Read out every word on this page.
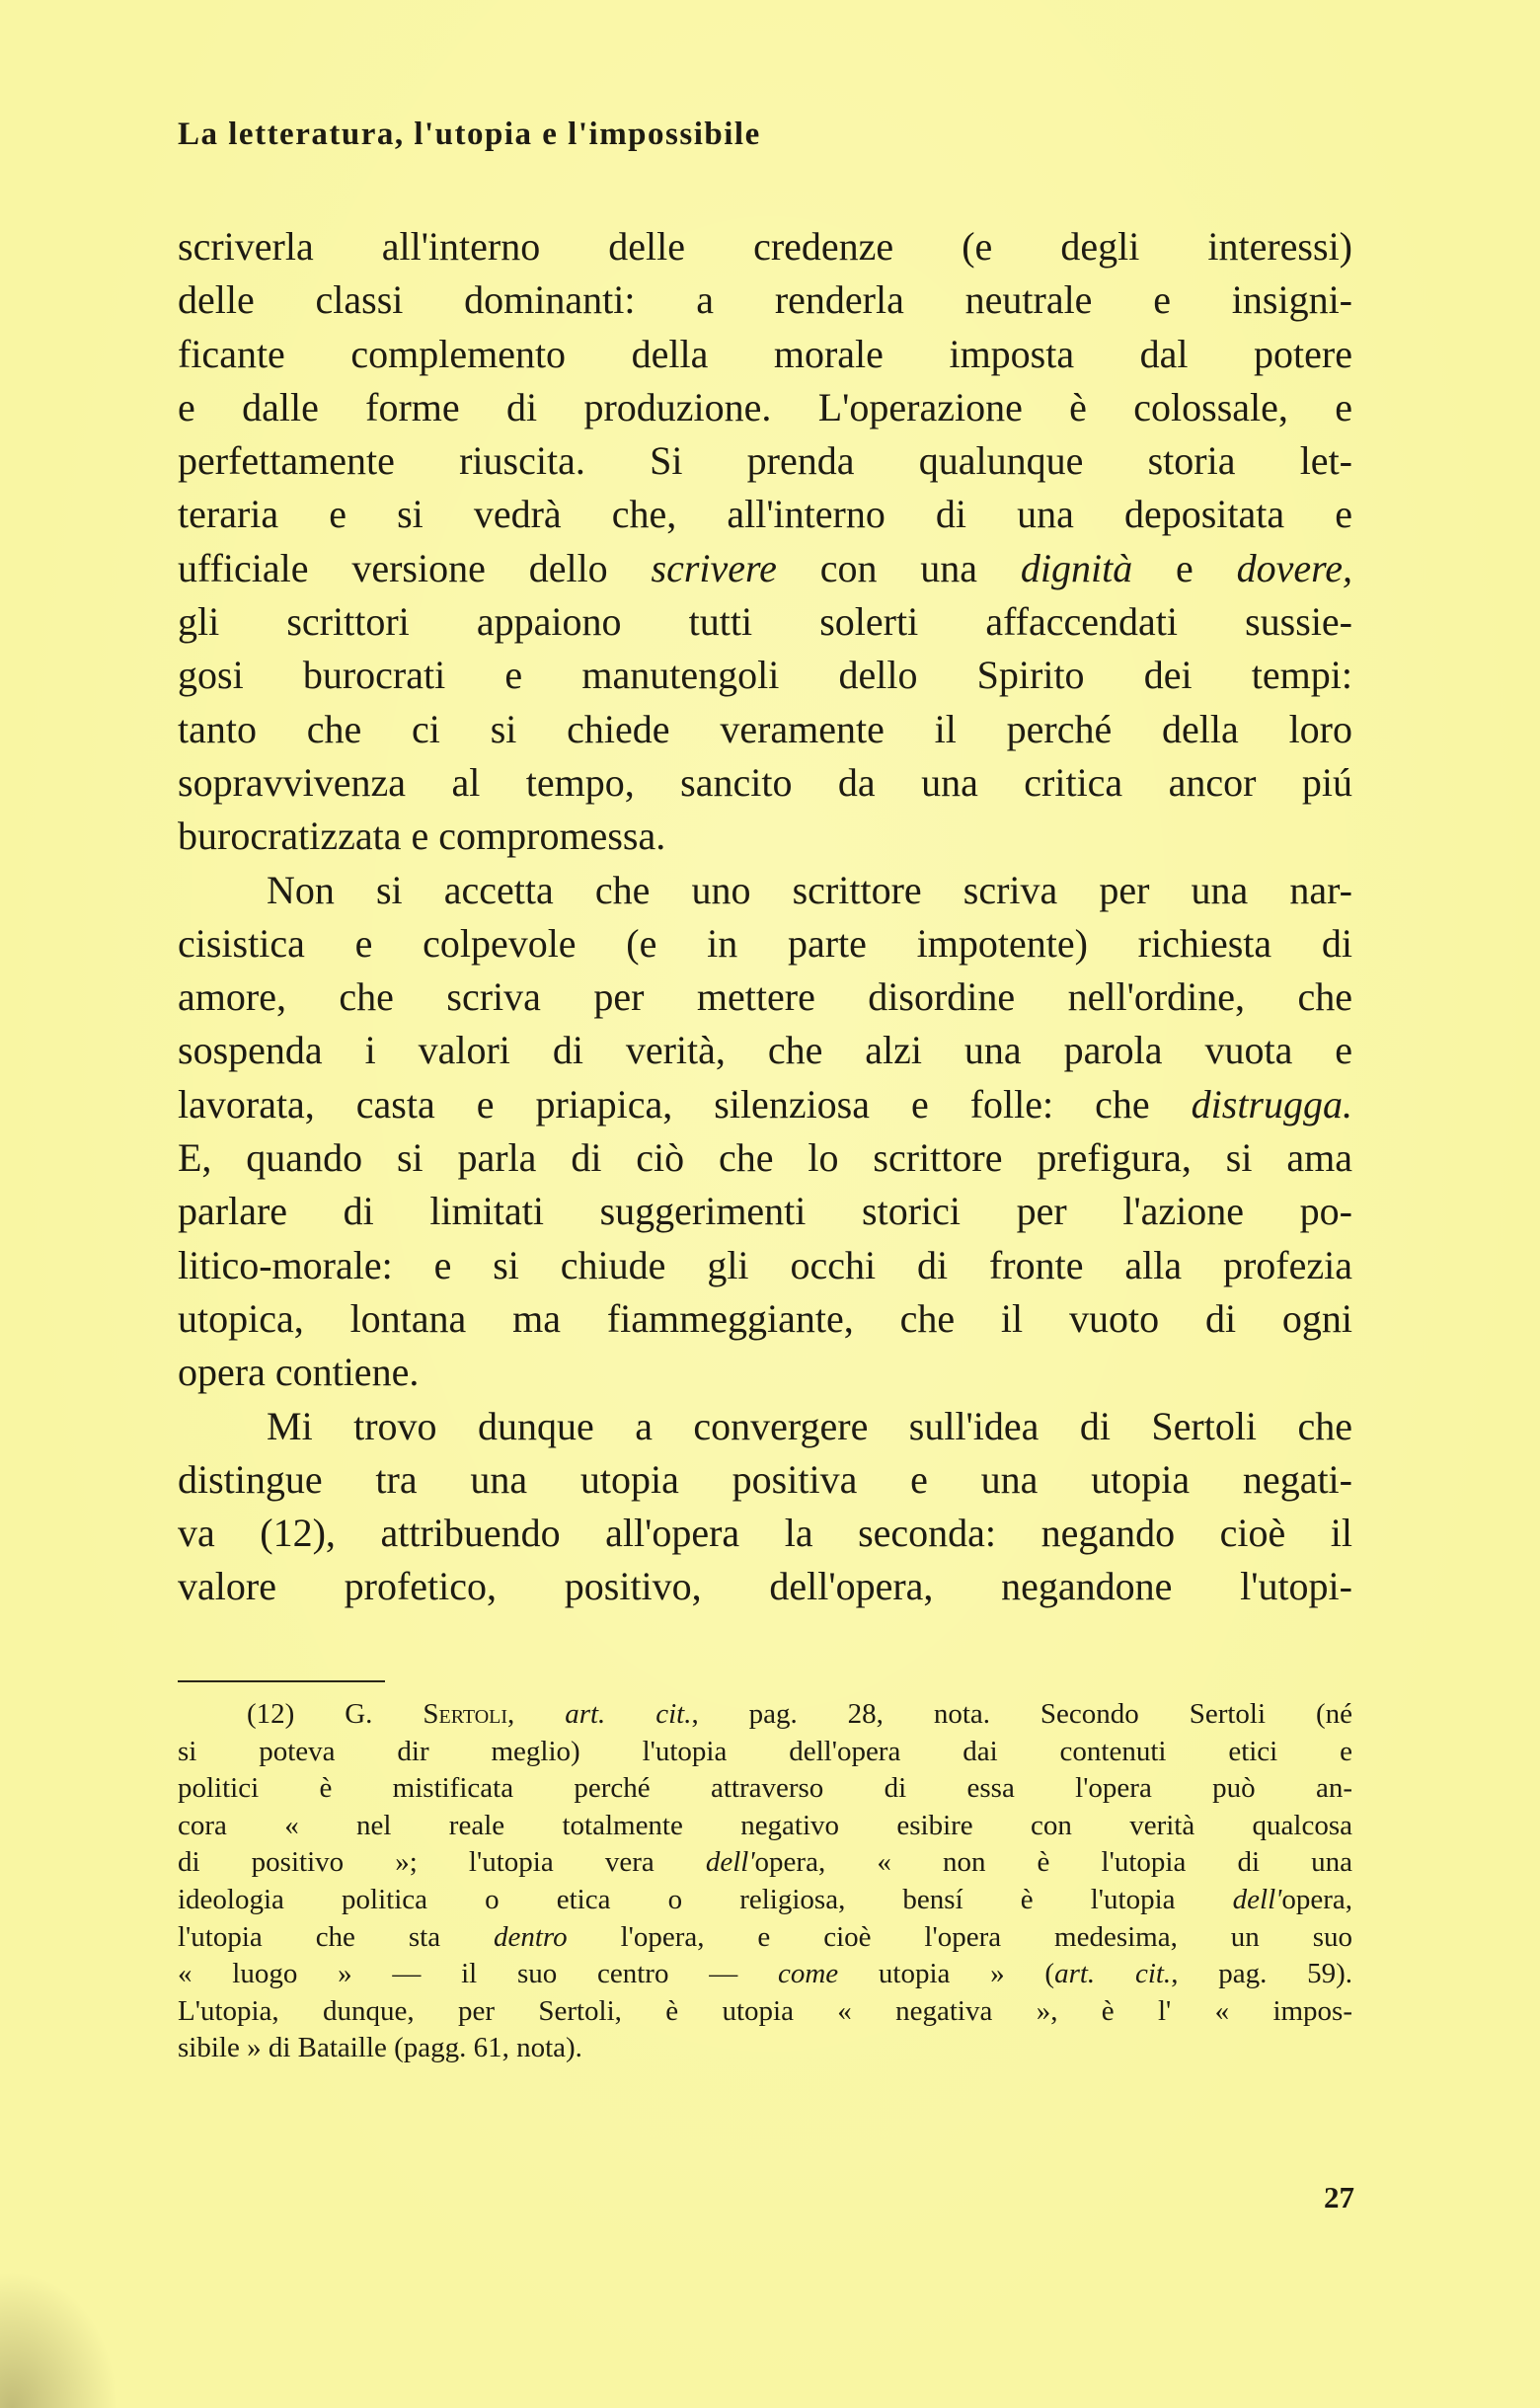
La letteratura, l'utopia e l'impossibile
scriverla all'interno delle credenze (e degli interessi)
delle classi dominanti: a renderla neutrale e insigni-
ficante complemento della morale imposta dal potere
e dalle forme di produzione. L'operazione è colossale, e
perfettamente riuscita. Si prenda qualunque storia let-
teraria e si vedrà che, all'interno di una depositata e
ufficiale versione dello scrivere con una dignità e dovere,
gli scrittori appaiono tutti solerti affaccendati sussie-
gosi burocrati e manutengoli dello Spirito dei tempi:
tanto che ci si chiede veramente il perché della loro
sopravvivenza al tempo, sancito da una critica ancor piú
burocratizzata e compromessa.
Non si accetta che uno scrittore scriva per una nar-
cisistica e colpevole (e in parte impotente) richiesta di
amore, che scriva per mettere disordine nell'ordine, che
sospenda i valori di verità, che alzi una parola vuota e
lavorata, casta e priapica, silenziosa e folle: che distrugga.
E, quando si parla di ciò che lo scrittore prefigura, si ama
parlare di limitati suggerimenti storici per l'azione po-
litico-morale: e si chiude gli occhi di fronte alla profezia
utopica, lontana ma fiammeggiante, che il vuoto di ogni
opera contiene.
Mi trovo dunque a convergere sull'idea di Sertoli che
distingue tra una utopia positiva e una utopia negati-
va (12), attribuendo all'opera la seconda: negando cioè il
valore profetico, positivo, dell'opera, negandone l'utopi-
(12) G. Sertoli, art. cit., pag. 28, nota. Secondo Sertoli (né
si poteva dir meglio) l'utopia dell'opera dai contenuti etici e
politici è mistificata perché attraverso di essa l'opera può an-
cora « nel reale totalmente negativo esibire con verità qualcosa
di positivo »; l'utopia vera dell'opera, « non è l'utopia di una
ideologia politica o etica o religiosa, bensí è l'utopia dell'opera,
l'utopia che sta dentro l'opera, e cioè l'opera medesima, un suo
« luogo » — il suo centro — come utopia » (art. cit., pag. 59).
L'utopia, dunque, per Sertoli, è utopia « negativa », è l' « impos-
sibile » di Bataille (pagg. 61, nota).
27
